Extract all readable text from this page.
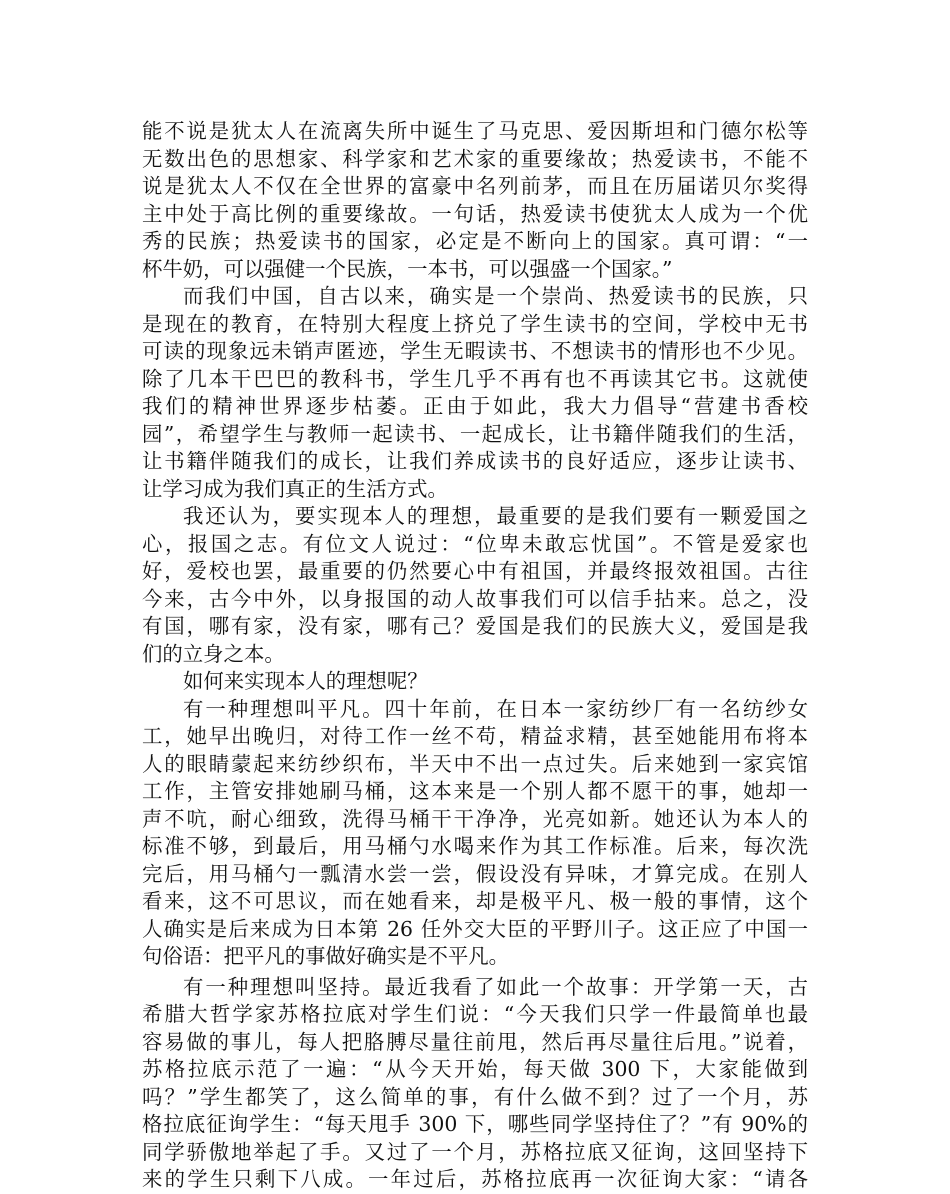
能不说是犹太人在流离失所中诞生了马克思、爱因斯坦和门德尔松等
无数出色的思想家、科学家和艺术家的重要缘故；热爱读书，不能不
说是犹太人不仅在全世界的富豪中名列前茅，而且在历届诺贝尔奖得
主中处于高比例的重要缘故。一句话，热爱读书使犹太人成为一个优
秀的民族；热爱读书的国家，必定是不断向上的国家。真可谓：“一
杯牛奶，可以强健一个民族，一本书，可以强盛一个国家。”
而我们中国，自古以来，确实是一个崇尚、热爱读书的民族，只
是现在的教育，在特别大程度上挤兑了学生读书的空间，学校中无书
可读的现象远未销声匿迹，学生无暇读书、不想读书的情形也不少见。
除了几本干巴巴的教科书，学生几乎不再有也不再读其它书。这就使
我们的精神世界逐步枯萎。正由于如此，我大力倡导“营建书香校
园”，希望学生与教师一起读书、一起成长，让书籍伴随我们的生活，
让书籍伴随我们的成长，让我们养成读书的良好适应，逐步让读书、
让学习成为我们真正的生活方式。
我还认为，要实现本人的理想，最重要的是我们要有一颗爱国之
心，报国之志。有位文人说过：“位卑未敢忘忧国”。不管是爱家也
好，爱校也罢，最重要的仍然要心中有祖国，并最终报效祖国。古往
今来，古今中外，以身报国的动人故事我们可以信手拈来。总之，没
有国，哪有家，没有家，哪有己？爱国是我们的民族大义，爱国是我
们的立身之本。
如何来实现本人的理想呢？
有一种理想叫平凡。四十年前，在日本一家纺纱厂有一名纺纱女
工，她早出晚归，对待工作一丝不苟，精益求精，甚至她能用布将本
人的眼睛蒙起来纺纱织布，半天中不出一点过失。后来她到一家宾馆
工作，主管安排她刷马桶，这本来是一个别人都不愿干的事，她却一
声不吭，耐心细致，洗得马桶干干净净，光亮如新。她还认为本人的
标准不够，到最后，用马桶勺水喝来作为其工作标准。后来，每次洗
完后，用马桶勺一瓢清水尝一尝，假设没有异味，才算完成。在别人
看来，这不可思议，而在她看来，却是极平凡、极一般的事情，这个
人确实是后来成为日本第 26 任外交大臣的平野川子。这正应了中国一
句俗语：把平凡的事做好确实是不平凡。
有一种理想叫坚持。最近我看了如此一个故事：开学第一天，古
希腊大哲学家苏格拉底对学生们说：“今天我们只学一件最简单也最
容易做的事儿，每人把胳膊尽量往前甩，然后再尽量往后甩。”说着，
苏格拉底示范了一遍：“从今天开始，每天做 300 下，大家能做到
吗？”学生都笑了，这么简单的事，有什么做不到？过了一个月，苏
格拉底征询学生：“每天甩手 300 下，哪些同学坚持住了？”有 90%的
同学骄傲地举起了手。又过了一个月，苏格拉底又征询，这回坚持下
来的学生只剩下八成。一年过后，苏格拉底再一次征询大家：“请各
